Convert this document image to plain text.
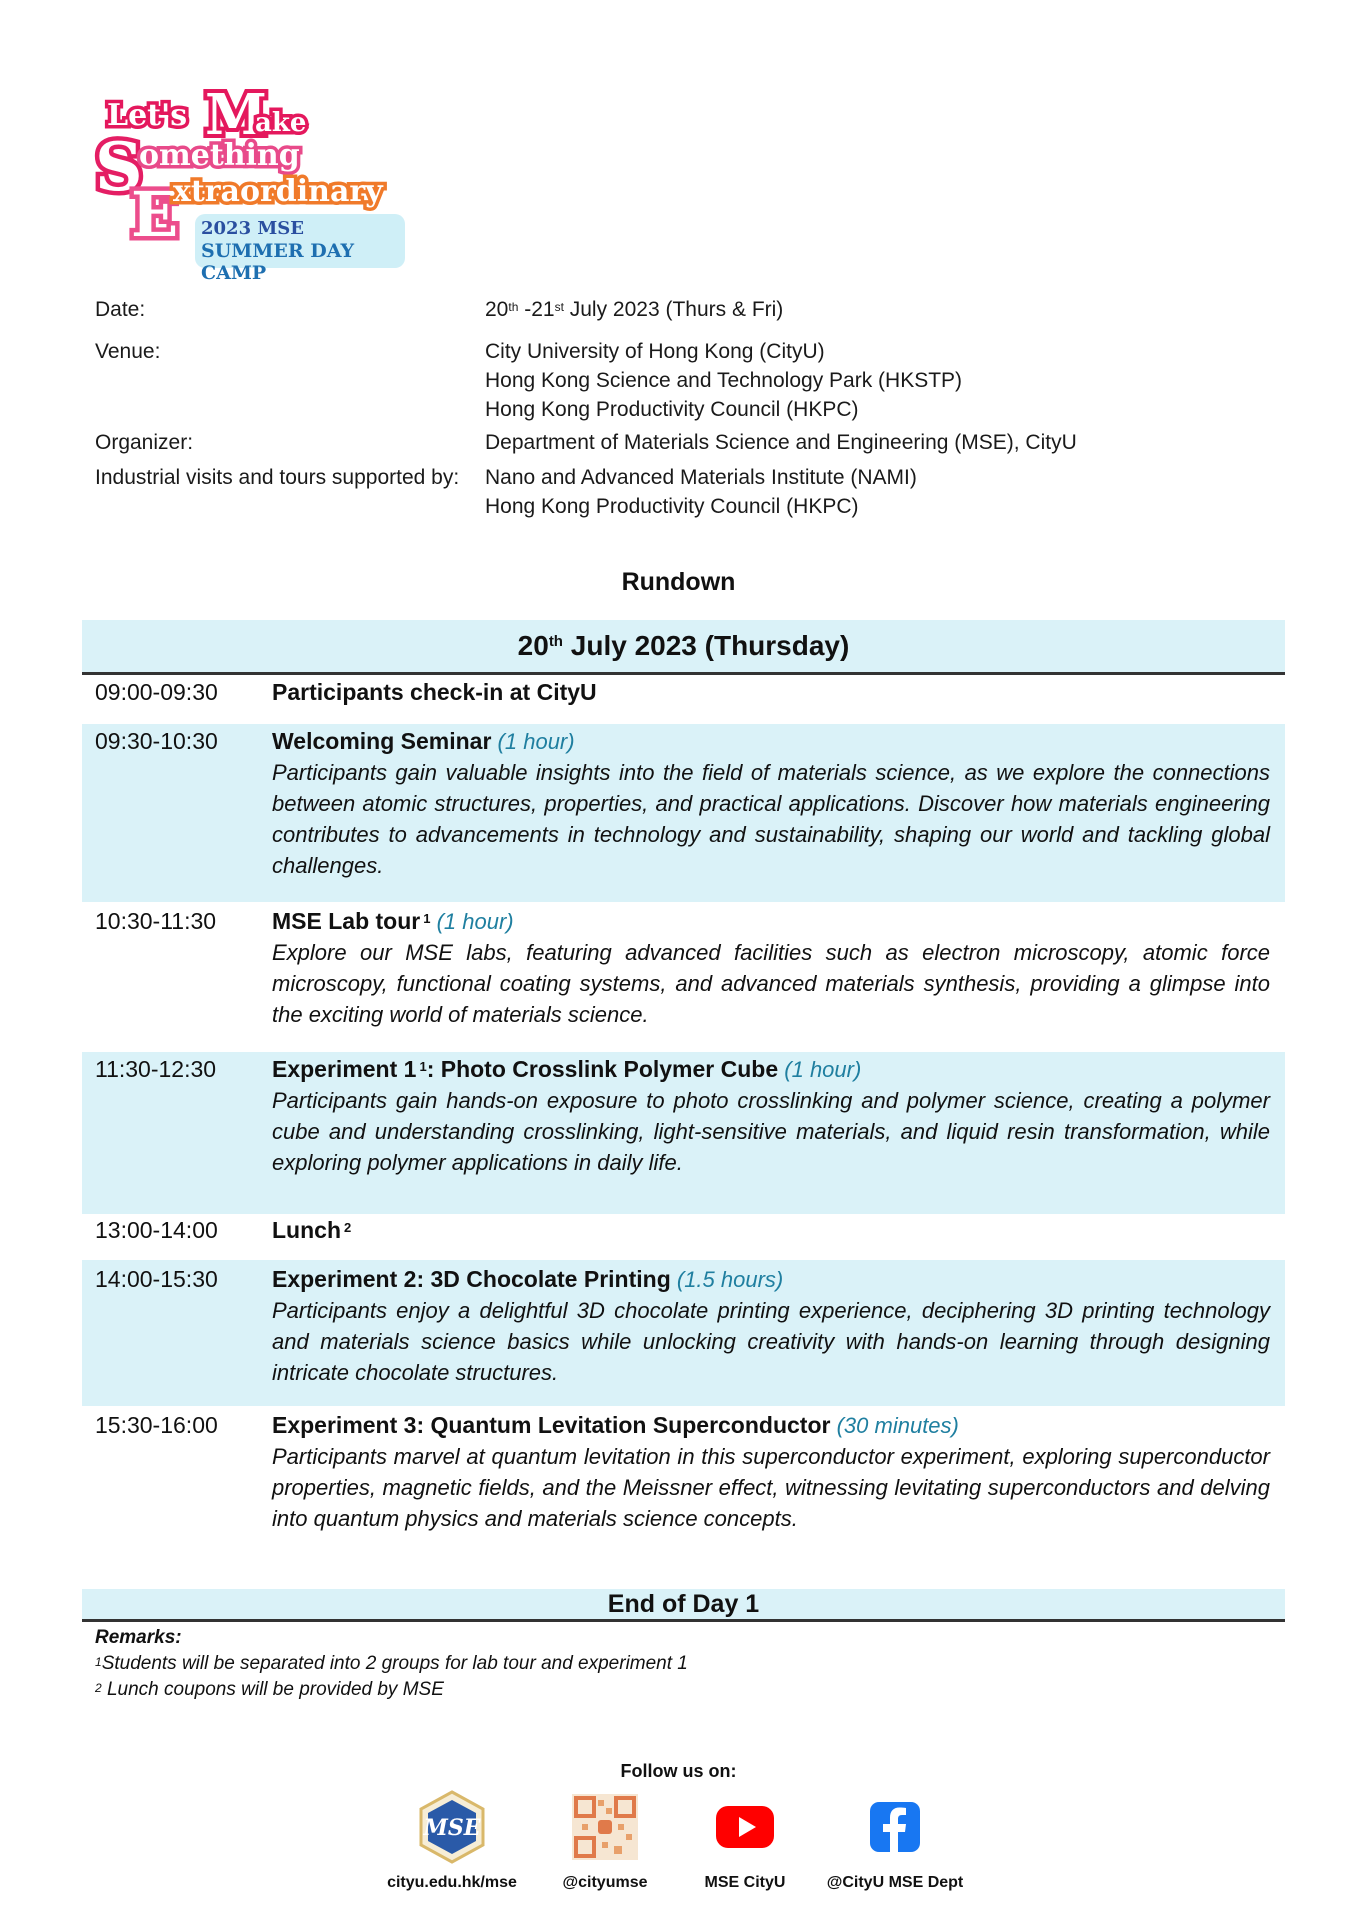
S
Let's M
ake
omething
E
xtraordinary
2023 MSE
SUMMER DAY CAMP
Date:	20th -21st July 2023 (Thurs & Fri)
Venue:	City University of Hong Kong (CityU)
Hong Kong Science and Technology Park (HKSTP)
Hong Kong Productivity Council (HKPC)
Organizer:	Department of Materials Science and Engineering (MSE), CityU
Industrial visits and tours supported by: Nano and Advanced Materials Institute (NAMI)
Hong Kong Productivity Council (HKPC)
Rundown
20th July 2023 (Thursday)
09:00-09:30 Participants check-in at CityU
09:30-10:30 Welcoming Seminar (1 hour)
Participants gain valuable insights into the field of materials science, as we explore the connections between atomic structures, properties, and practical applications. Discover how materials engineering contributes to advancements in technology and sustainability, shaping our world and tackling global challenges.
10:30-11:30 MSE Lab tour $^1$ (1 hour)
Explore our MSE labs, featuring advanced facilities such as electron microscopy, atomic force microscopy, functional coating systems, and advanced materials synthesis, providing a glimpse into the exciting world of materials science.
11:30-12:30 Experiment 1 $^1$: Photo Crosslink Polymer Cube (1 hour)
Participants gain hands-on exposure to photo crosslinking and polymer science, creating a polymer cube and understanding crosslinking, light-sensitive materials, and liquid resin transformation, while exploring polymer applications in daily life.
13:00-14:00 Lunch $^2$
14:00-15:30 Experiment 2: 3D Chocolate Printing (1.5 hours)
Participants enjoy a delightful 3D chocolate printing experience, deciphering 3D printing technology and materials science basics while unlocking creativity with hands-on learning through designing intricate chocolate structures.
15:30-16:00 Experiment 3: Quantum Levitation Superconductor (30 minutes)
Participants marvel at quantum levitation in this superconductor experiment, exploring superconductor properties, magnetic fields, and the Meissner effect, witnessing levitating superconductors and delving into quantum physics and materials science concepts.
End of Day 1
Remarks:
$^1$Students will be separated into 2 groups for lab tour and experiment 1
$^2$ Lunch coupons will be provided by MSE
Follow us on:
MSE
cityu.edu.hk/mse	@cityumse	MSE CityU	@CityU MSE Dept
